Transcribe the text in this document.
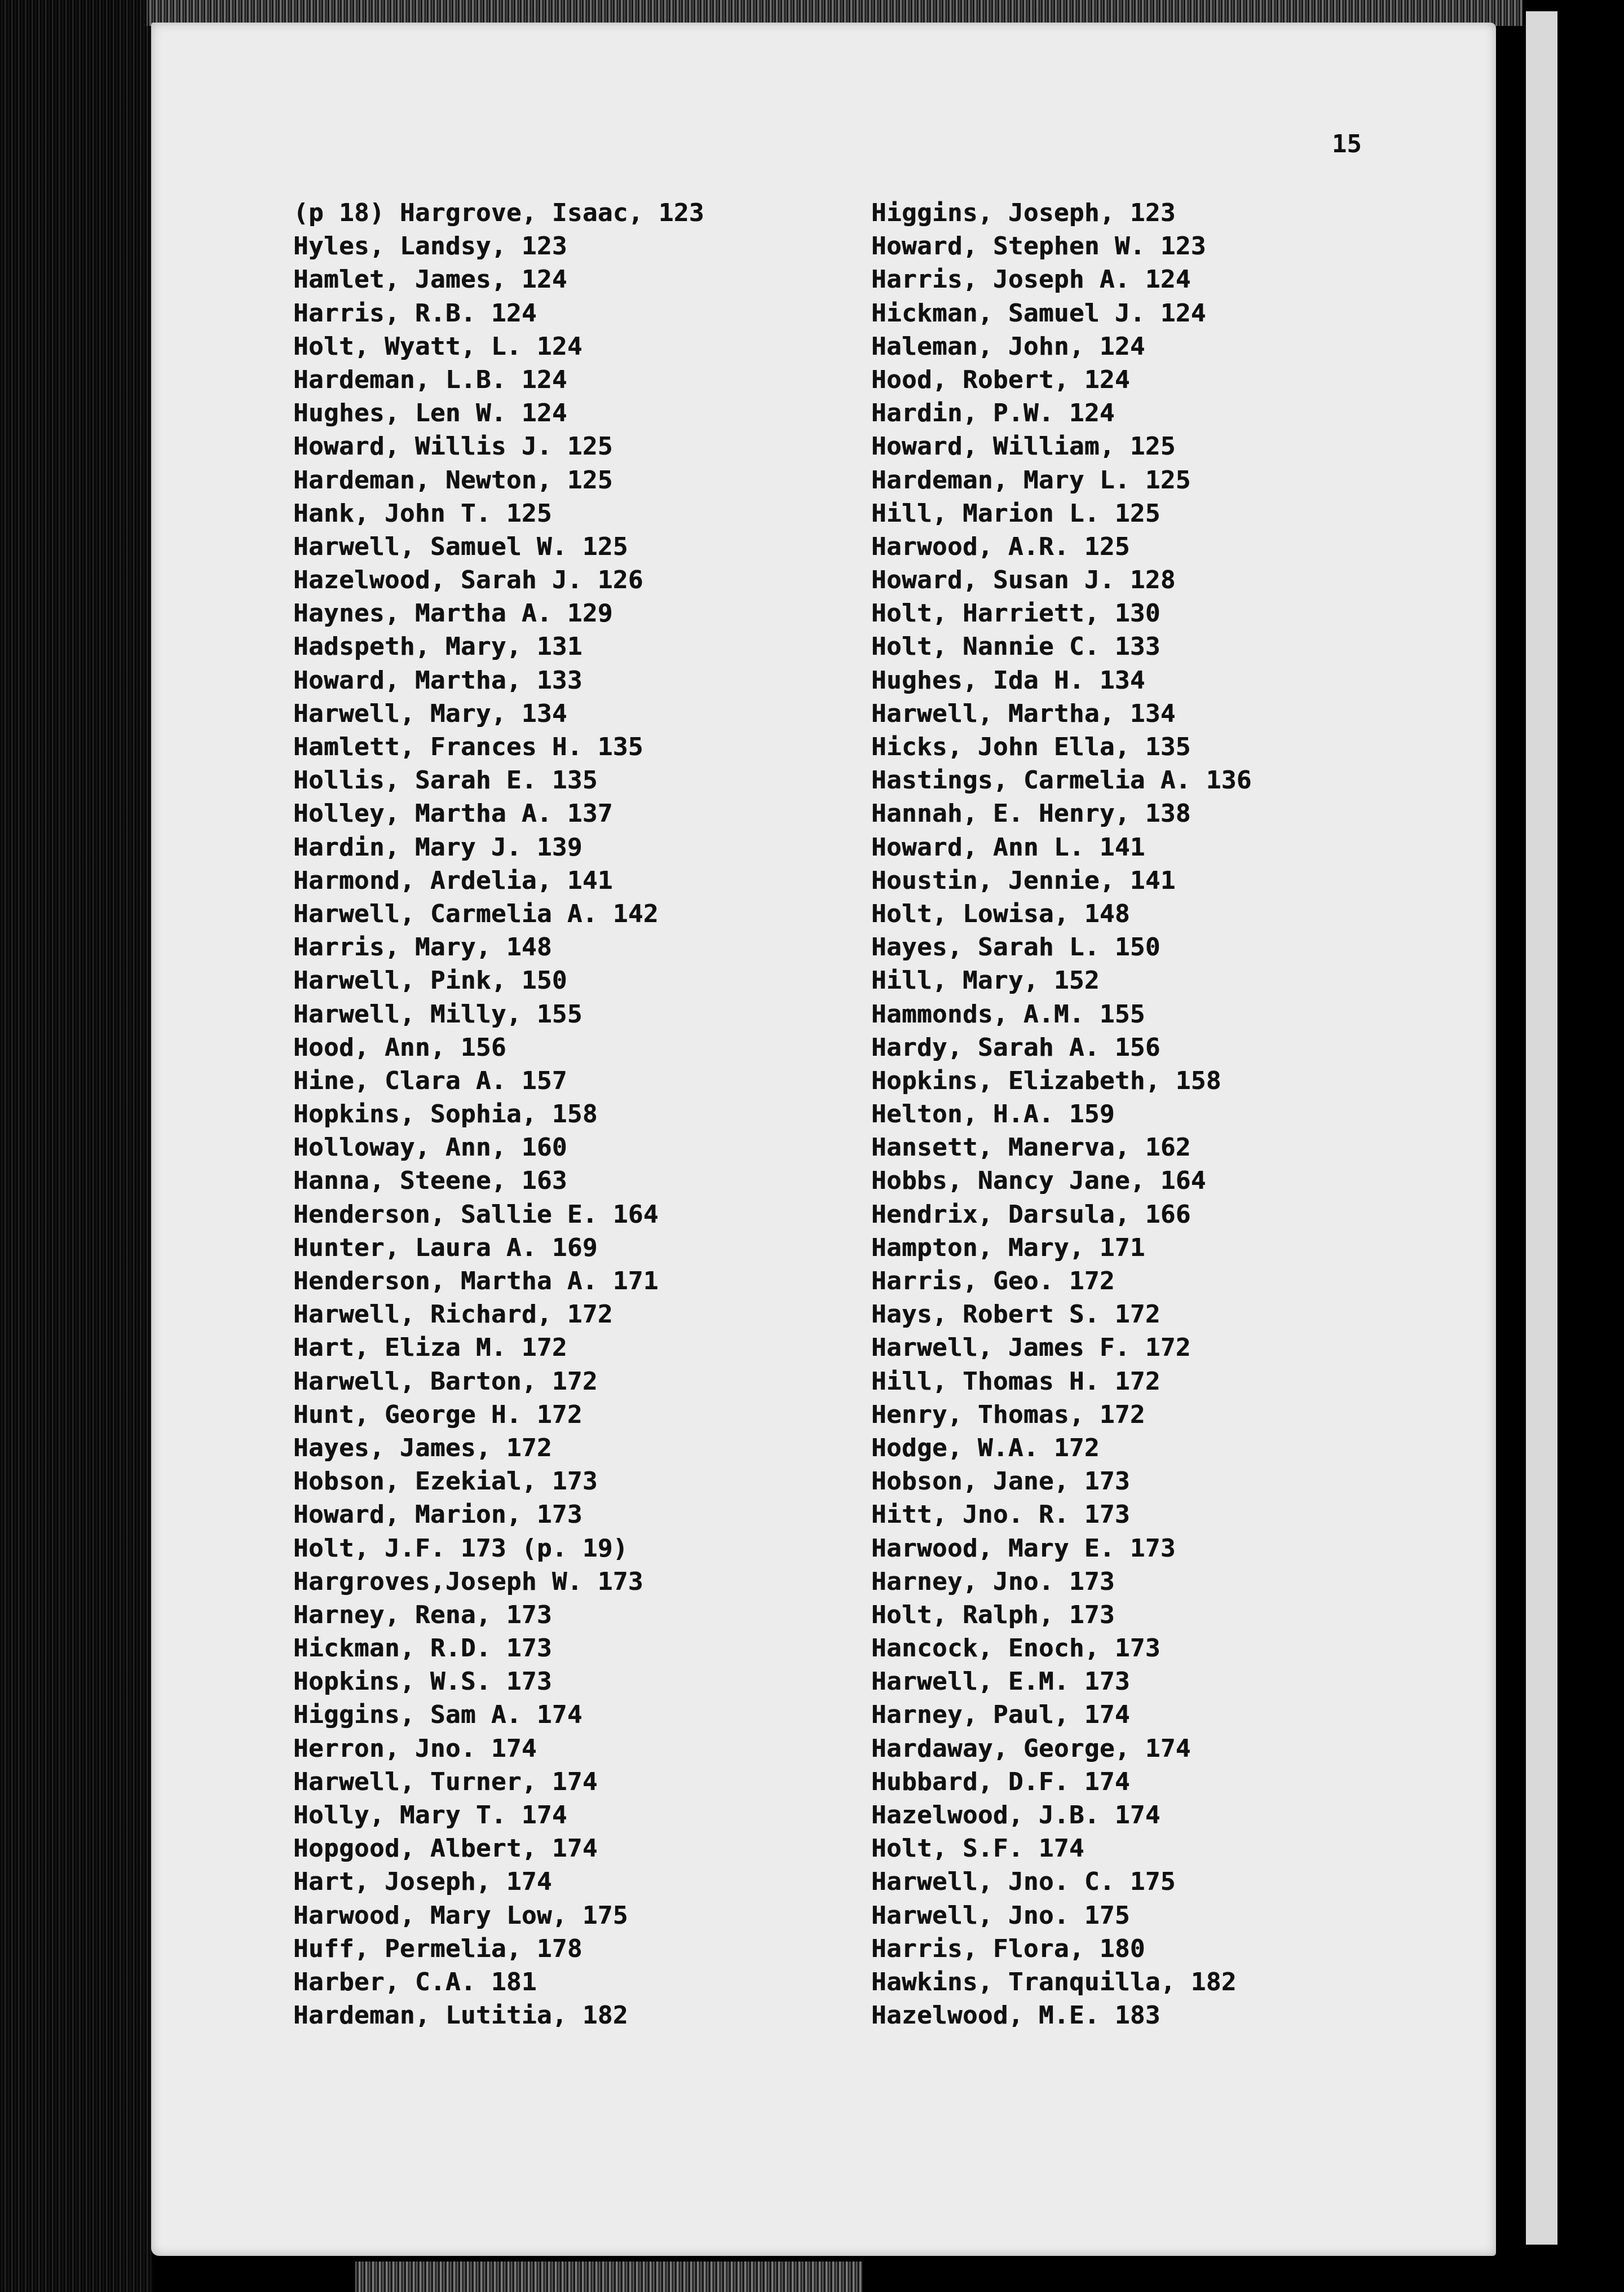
15
(p 18) Hargrove, Isaac, 123
Hyles, Landsy, 123
Hamlet, James, 124
Harris, R.B. 124
Holt, Wyatt, L. 124
Hardeman, L.B. 124
Hughes, Len W. 124
Howard, Willis J. 125
Hardeman, Newton, 125
Hank, John T. 125
Harwell, Samuel W. 125
Hazelwood, Sarah J. 126
Haynes, Martha A. 129
Hadspeth, Mary, 131
Howard, Martha, 133
Harwell, Mary, 134
Hamlett, Frances H. 135
Hollis, Sarah E. 135
Holley, Martha A. 137
Hardin, Mary J. 139
Harmond, Ardelia, 141
Harwell, Carmelia A. 142
Harris, Mary, 148
Harwell, Pink, 150
Harwell, Milly, 155
Hood, Ann, 156
Hine, Clara A. 157
Hopkins, Sophia, 158
Holloway, Ann, 160
Hanna, Steene, 163
Henderson, Sallie E. 164
Hunter, Laura A. 169
Henderson, Martha A. 171
Harwell, Richard, 172
Hart, Eliza M. 172
Harwell, Barton, 172
Hunt, George H. 172
Hayes, James, 172
Hobson, Ezekial, 173
Howard, Marion, 173
Holt, J.F. 173 (p. 19)
Hargroves,Joseph W. 173
Harney, Rena, 173
Hickman, R.D. 173
Hopkins, W.S. 173
Higgins, Sam A. 174
Herron, Jno. 174
Harwell, Turner, 174
Holly, Mary T. 174
Hopgood, Albert, 174
Hart, Joseph, 174
Harwood, Mary Low, 175
Huff, Permelia, 178
Harber, C.A. 181
Hardeman, Lutitia, 182
Higgins, Joseph, 123
Howard, Stephen W. 123
Harris, Joseph A. 124
Hickman, Samuel J. 124
Haleman, John, 124
Hood, Robert, 124
Hardin, P.W. 124
Howard, William, 125
Hardeman, Mary L. 125
Hill, Marion L. 125
Harwood, A.R. 125
Howard, Susan J. 128
Holt, Harriett, 130
Holt, Nannie C. 133
Hughes, Ida H. 134
Harwell, Martha, 134
Hicks, John Ella, 135
Hastings, Carmelia A. 136
Hannah, E. Henry, 138
Howard, Ann L. 141
Houstin, Jennie, 141
Holt, Lowisa, 148
Hayes, Sarah L. 150
Hill, Mary, 152
Hammonds, A.M. 155
Hardy, Sarah A. 156
Hopkins, Elizabeth, 158
Helton, H.A. 159
Hansett, Manerva, 162
Hobbs, Nancy Jane, 164
Hendrix, Darsula, 166
Hampton, Mary, 171
Harris, Geo. 172
Hays, Robert S. 172
Harwell, James F. 172
Hill, Thomas H. 172
Henry, Thomas, 172
Hodge, W.A. 172
Hobson, Jane, 173
Hitt, Jno. R. 173
Harwood, Mary E. 173
Harney, Jno. 173
Holt, Ralph, 173
Hancock, Enoch, 173
Harwell, E.M. 173
Harney, Paul, 174
Hardaway, George, 174
Hubbard, D.F. 174
Hazelwood, J.B. 174
Holt, S.F. 174
Harwell, Jno. C. 175
Harwell, Jno. 175
Harris, Flora, 180
Hawkins, Tranquilla, 182
Hazelwood, M.E. 183
